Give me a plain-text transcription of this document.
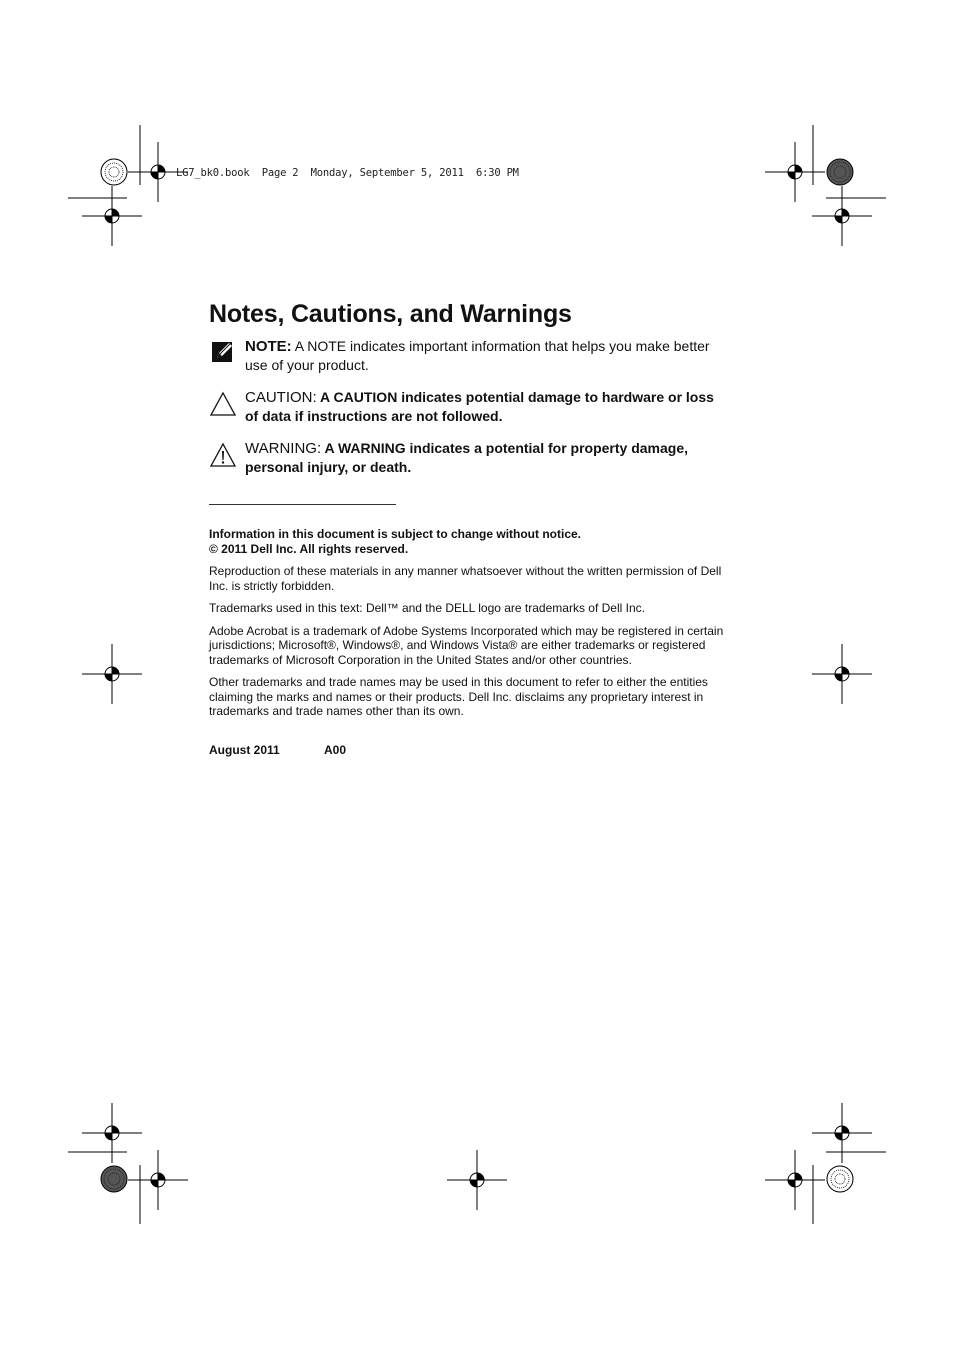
LG7_bk0.book  Page 2  Monday, September 5, 2011  6:30 PM
Notes, Cautions, and Warnings
NOTE: A NOTE indicates important information that helps you make better use of your product.
CAUTION: A CAUTION indicates potential damage to hardware or loss of data if instructions are not followed.
WARNING: A WARNING indicates a potential for property damage, personal injury, or death.
Information in this document is subject to change without notice.
© 2011 Dell Inc. All rights reserved.

Reproduction of these materials in any manner whatsoever without the written permission of Dell Inc. is strictly forbidden.

Trademarks used in this text: Dell™ and the DELL logo are trademarks of Dell Inc.

Adobe Acrobat is a trademark of Adobe Systems Incorporated which may be registered in certain jurisdictions; Microsoft®, Windows®, and Windows Vista® are either trademarks or registered trademarks of Microsoft Corporation in the United States and/or other countries.

Other trademarks and trade names may be used in this document to refer to either the entities claiming the marks and names or their products. Dell Inc. disclaims any proprietary interest in trademarks and trade names other than its own.

August 2011	A00
